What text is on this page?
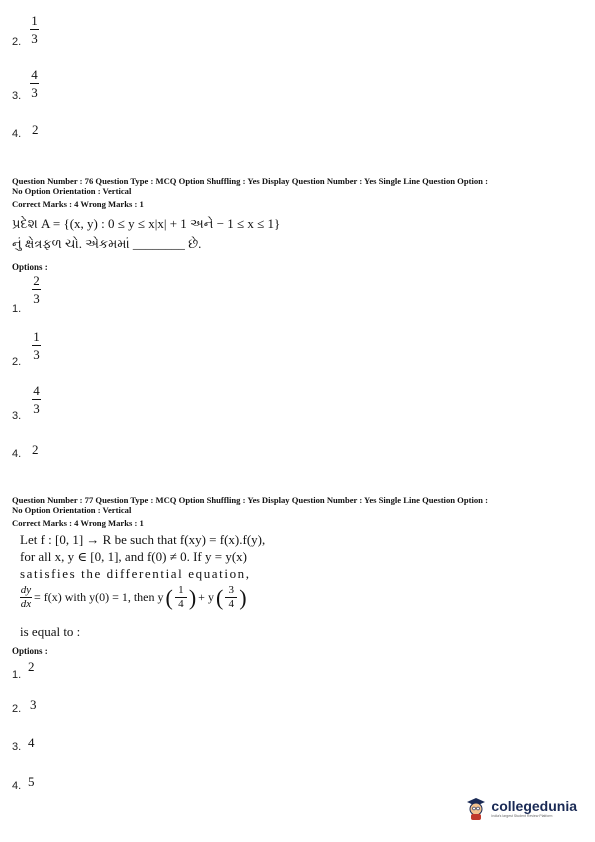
2.
1
3
3.
4
3
4. 2
Question Number : 76 Question Type : MCQ Option Shuffling : Yes Display Question Number : Yes Single Line Question Option :
No Option Orientation : Vertical
Correct Marks : 4 Wrong Marks : 1
પ્રદેશ A = {(x, y) : 0 ≤ y ≤ x|x| + 1 અને − 1 ≤ x ≤ 1}
નું ક્ષેત્રફળ ચો. એકમમાં ________ છે.
Options :
1.
2
3
2.
1
3
3.
4
3
4. 2
Question Number : 77 Question Type : MCQ Option Shuffling : Yes Display Question Number : Yes Single Line Question Option :
No Option Orientation : Vertical
Correct Marks : 4 Wrong Marks : 1
Let f : [0, 1] → R be such that f(xy) = f(x).f(y),
for all x, y ∈ [0, 1], and f(0) ≠ 0. If y = y(x)
satisfies the differential equation,
dy
dx = f(x) with y(0) = 1, then y ( 1
4 ) + y ( 3
4 )
is equal to :
Options :
1.
2
2. 3
3. 4
4. 5
collegedunia
India's largest Student Review Platform
